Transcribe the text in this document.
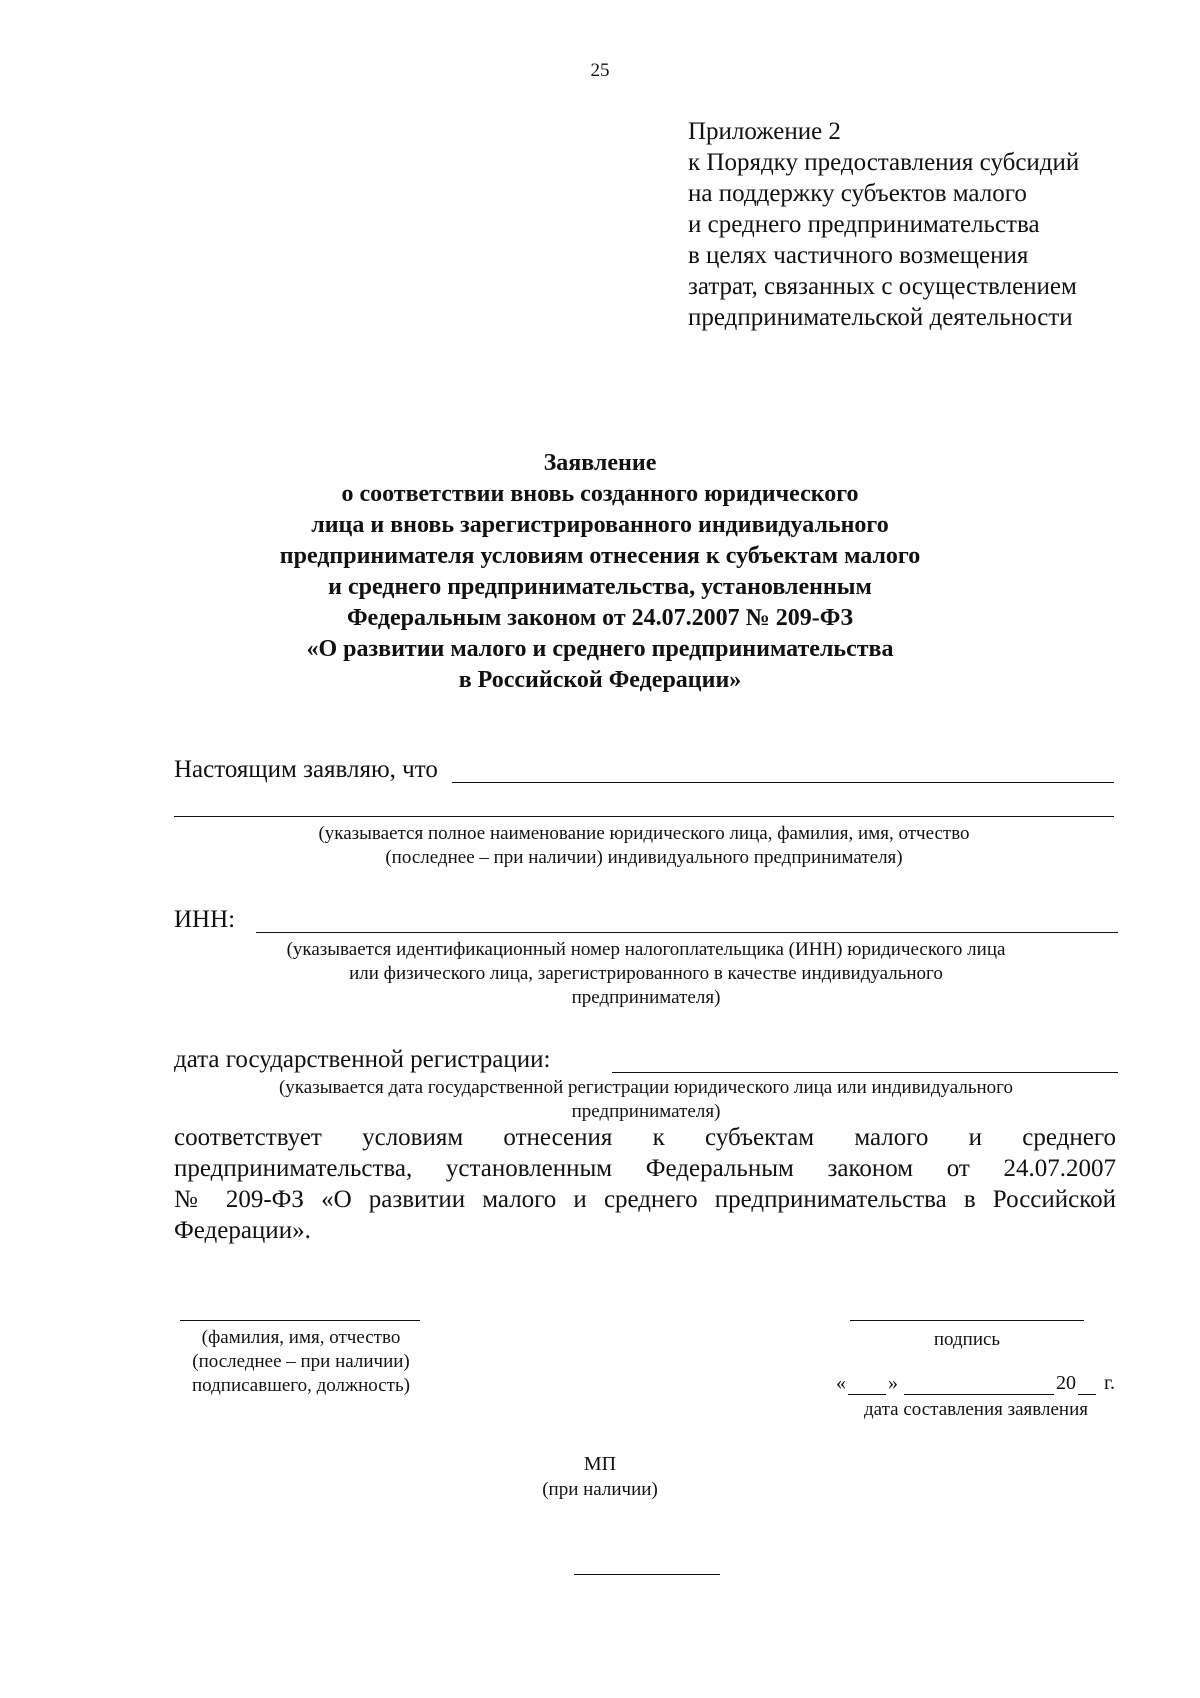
25
Приложение 2
к Порядку предоставления субсидий
на поддержку субъектов малого
и среднего предпринимательства
в целях частичного возмещения
затрат, связанных с осуществлением
предпринимательской деятельности
Заявление
о соответствии вновь созданного юридического
лица и вновь зарегистрированного индивидуального
предпринимателя условиям отнесения к субъектам малого
и среднего предпринимательства, установленным
Федеральным законом от 24.07.2007 № 209-ФЗ
«О развитии малого и среднего предпринимательства
в Российской Федерации»
Настоящим заявляю, что
(указывается полное наименование юридического лица, фамилия, имя, отчество
(последнее – при наличии) индивидуального предпринимателя)
ИНН:
(указывается идентификационный номер налогоплательщика (ИНН) юридического лица
или физического лица, зарегистрированного в качестве индивидуального
предпринимателя)
дата государственной регистрации:
(указывается дата государственной регистрации юридического лица или индивидуального
предпринимателя)
соответствует условиям отнесения к субъектам малого и среднего
предпринимательства, установленным Федеральным законом от 24.07.2007
№ 209-ФЗ «О развитии малого и среднего предпринимательства в Российской
Федерации».
(фамилия, имя, отчество
(последнее – при наличии)
подписавшего, должность)
подпись
« »	20 г.
дата составления заявления
МП
(при наличии)
